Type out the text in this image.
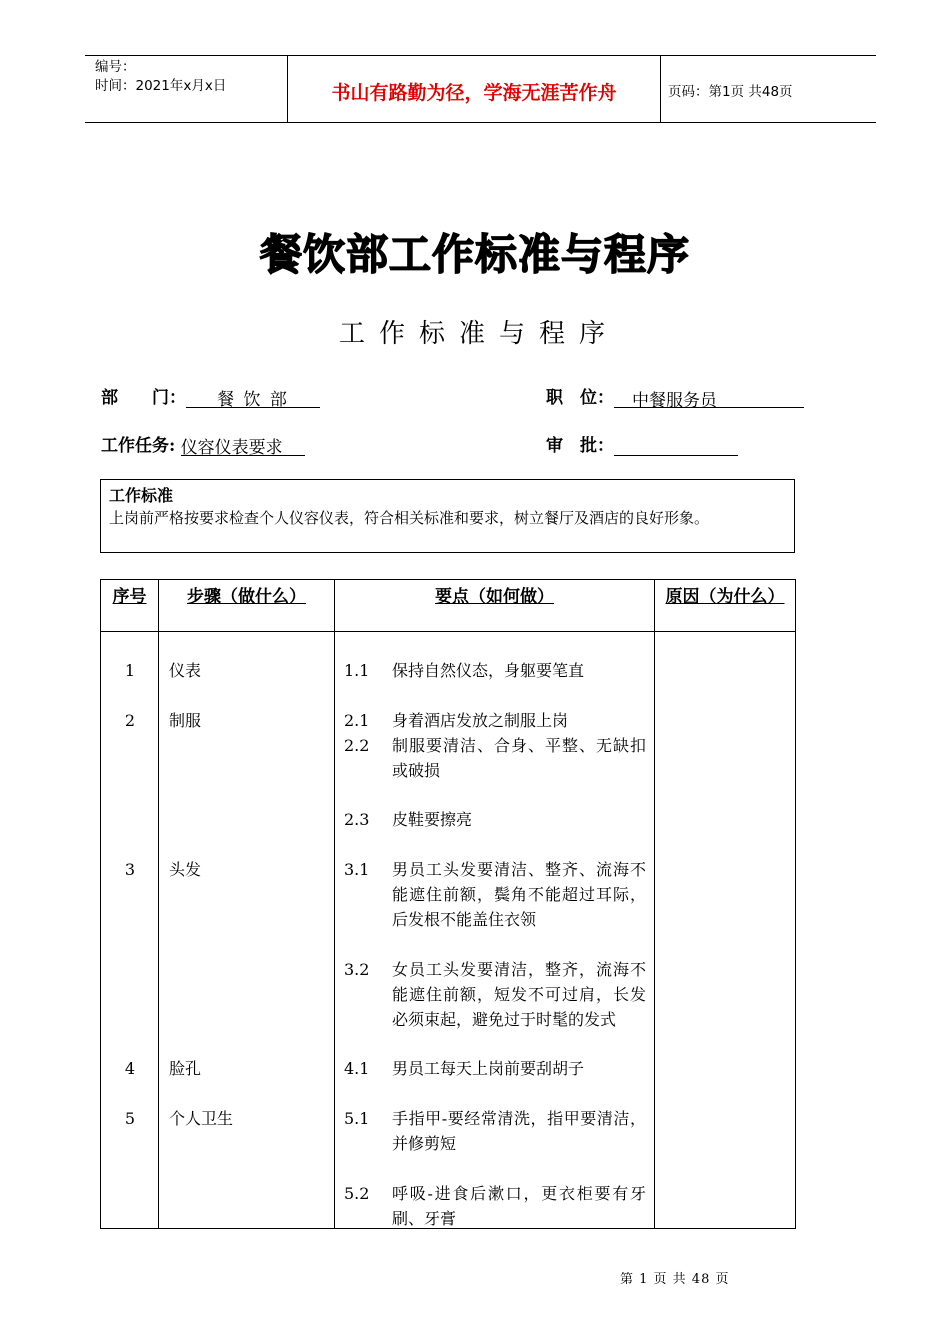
编号：
时间：2021年x月x日	书山有路勤为径，学海无涯苦作舟	页码：第1页 共48页
餐饮部工作标准与程序
工作标准与程序
部　　门： 餐 饮 部	职　位： 中餐服务员
工作任务: 仪容仪表要求	审　批：
工作标准
上岗前严格按要求检查个人仪容仪表，符合相关标准和要求，树立餐厅及酒店的良好形象。
序号	步骤（做什么）	要点（如何做）	原因（为什么）
1	仪表	1.1 保持自然仪态，身躯要笔直
2	制服	2.1 身着酒店发放之制服上岗
2.2 制服要清洁、合身、平整、无缺扣或破损
2.3 皮鞋要擦亮
3	头发	3.1 男员工头发要清洁、整齐、流海不能遮住前额，鬓角不能超过耳际，后发根不能盖住衣领
3.2 女员工头发要清洁，整齐，流海不能遮住前额，短发不可过肩，长发必须束起，避免过于时髦的发式
4	脸孔	4.1 男员工每天上岗前要刮胡子
5	个人卫生	5.1 手指甲-要经常清洗，指甲要清洁，并修剪短
5.2 呼吸-进食后漱口，更衣柜要有牙刷、牙膏
第 1 页 共 48 页
